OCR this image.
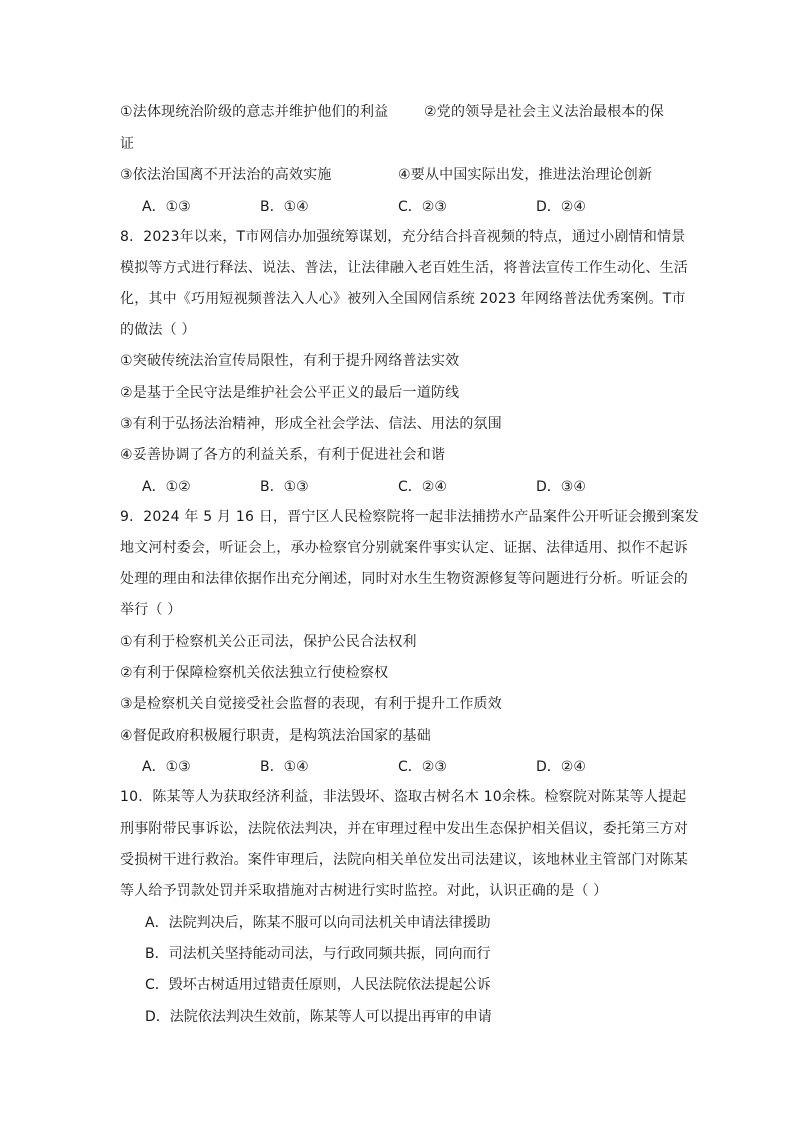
①法体现统治阶级的意志并维护他们的利益	②党的领导是社会主义法治最根本的保
证
③依法治国离不开法治的高效实施	④要从中国实际出发，推进法治理论创新
A．①③	B．①④	C．②③	D．②④
8．2023年以来，T市网信办加强统筹谋划，充分结合抖音视频的特点，通过小剧情和情景
模拟等方式进行释法、说法、普法，让法律融入老百姓生活，将普法宣传工作生动化、生活
化，其中《巧用短视频普法入人心》被列入全国网信系统 2023 年网络普法优秀案例。T市
的做法（ ）
①突破传统法治宣传局限性，有利于提升网络普法实效
②是基于全民守法是维护社会公平正义的最后一道防线
③有利于弘扬法治精神，形成全社会学法、信法、用法的氛围
④妥善协调了各方的利益关系，有利于促进社会和谐
A．①②	B．①③	C．②④	D．③④
9．2024 年 5 月 16 日，晋宁区人民检察院将一起非法捕捞水产品案件公开听证会搬到案发
地文河村委会，听证会上，承办检察官分别就案件事实认定、证据、法律适用、拟作不起诉
处理的理由和法律依据作出充分阐述，同时对水生生物资源修复等问题进行分析。听证会的
举行（ ）
①有利于检察机关公正司法，保护公民合法权利
②有利于保障检察机关依法独立行使检察权
③是检察机关自觉接受社会监督的表现，有利于提升工作质效
④督促政府积极履行职责，是构筑法治国家的基础
A．①③	B．①④	C．②③	D．②④
10．陈某等人为获取经济利益，非法毁坏、盗取古树名木 10余株。检察院对陈某等人提起
刑事附带民事诉讼，法院依法判决，并在审理过程中发出生态保护相关倡议，委托第三方对
受损树干进行救治。案件审理后，法院向相关单位发出司法建议，该地林业主管部门对陈某
等人给予罚款处罚并采取措施对古树进行实时监控。对此，认识正确的是（ ）
A．法院判决后，陈某不服可以向司法机关申请法律援助
B．司法机关坚持能动司法，与行政同频共振，同向而行
C．毁坏古树适用过错责任原则，人民法院依法提起公诉
D．法院依法判决生效前，陈某等人可以提出再审的申请
